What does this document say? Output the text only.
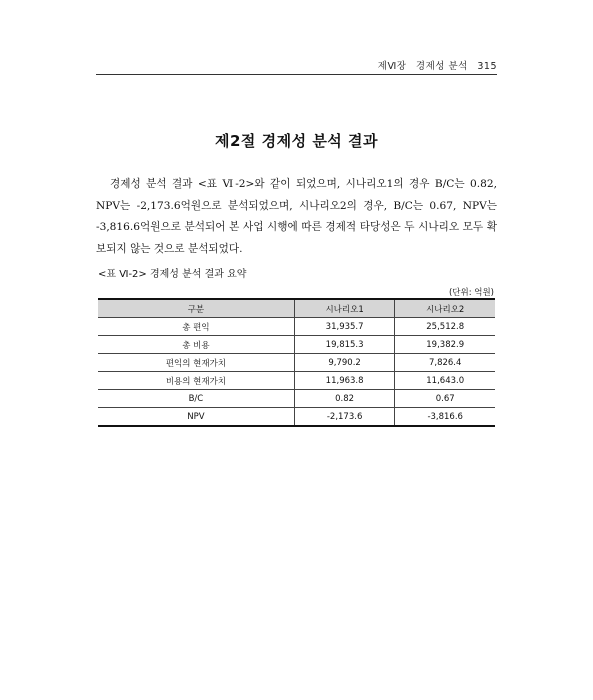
제Ⅵ장 경제성 분석 315
제2절 경제성 분석 결과
경제성 분석 결과 <표 Ⅵ-2>와 같이 되었으며, 시나리오1의 경우 B/C는 0.82, NPV는 -2,173.6억원으로 분석되었으며, 시나리오2의 경우, B/C는 0.67, NPV는 -3,816.6억원으로 분석되어 본 사업 시행에 따른 경제적 타당성은 두 시나리오 모두 확보되지 않는 것으로 분석되었다.
<표 Ⅵ-2> 경제성 분석 결과 요약
(단위: 억원)
구분	시나리오1	시나리오2
총 편익	31,935.7	25,512.8
총 비용	19,815.3	19,382.9
편익의 현재가치	9,790.2	7,826.4
비용의 현재가치	11,963.8	11,643.0
B/C	0.82	0.67
NPV	-2,173.6	-3,816.6
